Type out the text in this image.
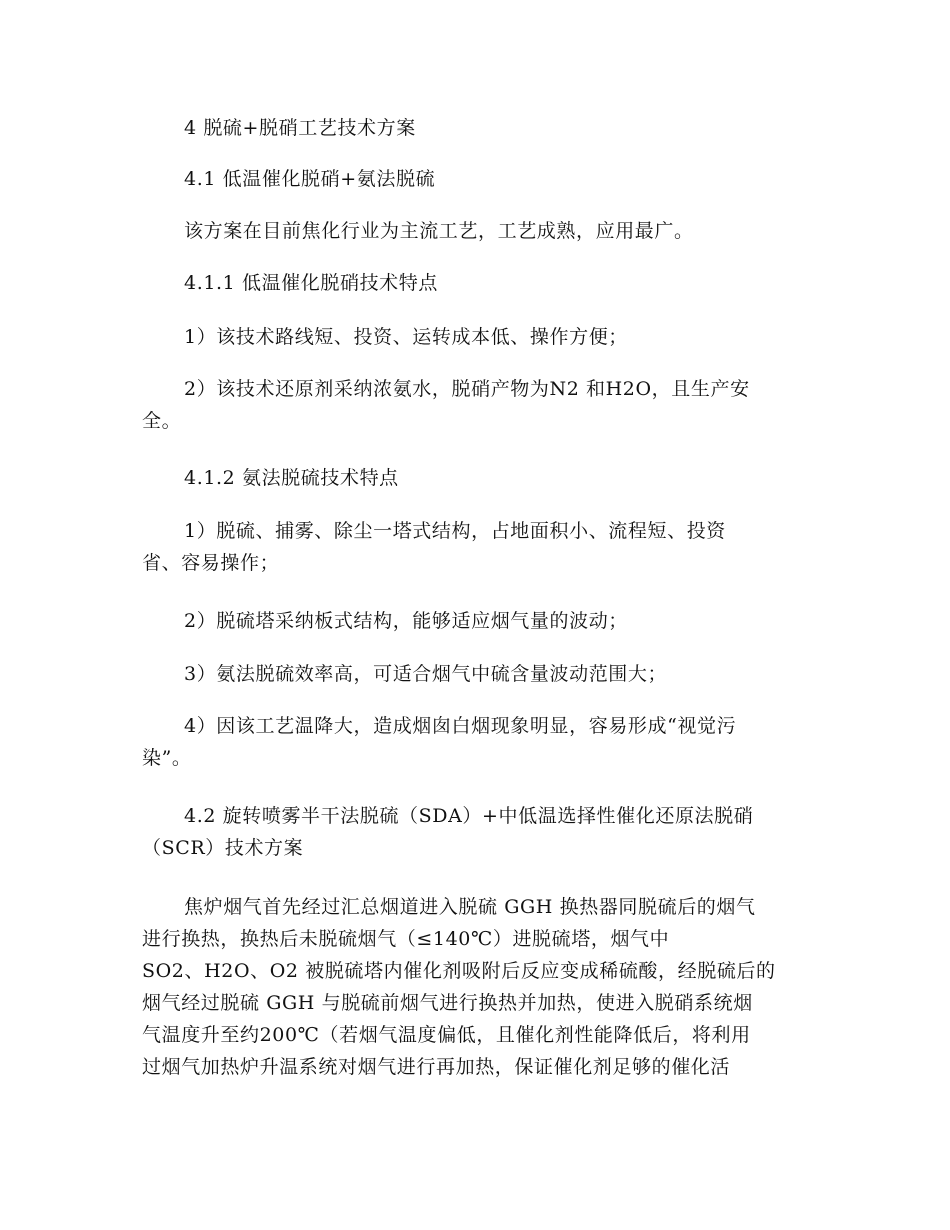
4 脱硫+脱硝工艺技术方案

4.1 低温催化脱硝+氨法脱硫

该方案在目前焦化行业为主流工艺，工艺成熟，应用最广。

4.1.1 低温催化脱硝技术特点

1）该技术路线短、投资、运转成本低、操作方便；

2）该技术还原剂采纳浓氨水，脱硝产物为N2 和H2O，且生产安
全。

4.1.2 氨法脱硫技术特点

1）脱硫、捕雾、除尘一塔式结构，占地面积小、流程短、投资
省、容易操作；

2）脱硫塔采纳板式结构，能够适应烟气量的波动；

3）氨法脱硫效率高，可适合烟气中硫含量波动范围大；

4）因该工艺温降大，造成烟囱白烟现象明显，容易形成“视觉污
染”。

4.2 旋转喷雾半干法脱硫（SDA）+中低温选择性催化还原法脱硝
（SCR）技术方案

焦炉烟气首先经过汇总烟道进入脱硫 GGH 换热器同脱硫后的烟气
进行换热，换热后未脱硫烟气（≤140℃）进脱硫塔，烟气中
SO2、H2O、O2 被脱硫塔内催化剂吸附后反应变成稀硫酸，经脱硫后的
烟气经过脱硫 GGH 与脱硫前烟气进行换热并加热，使进入脱硝系统烟
气温度升至约200℃（若烟气温度偏低，且催化剂性能降低后，将利用
过烟气加热炉升温系统对烟气进行再加热，保证催化剂足够的催化活
